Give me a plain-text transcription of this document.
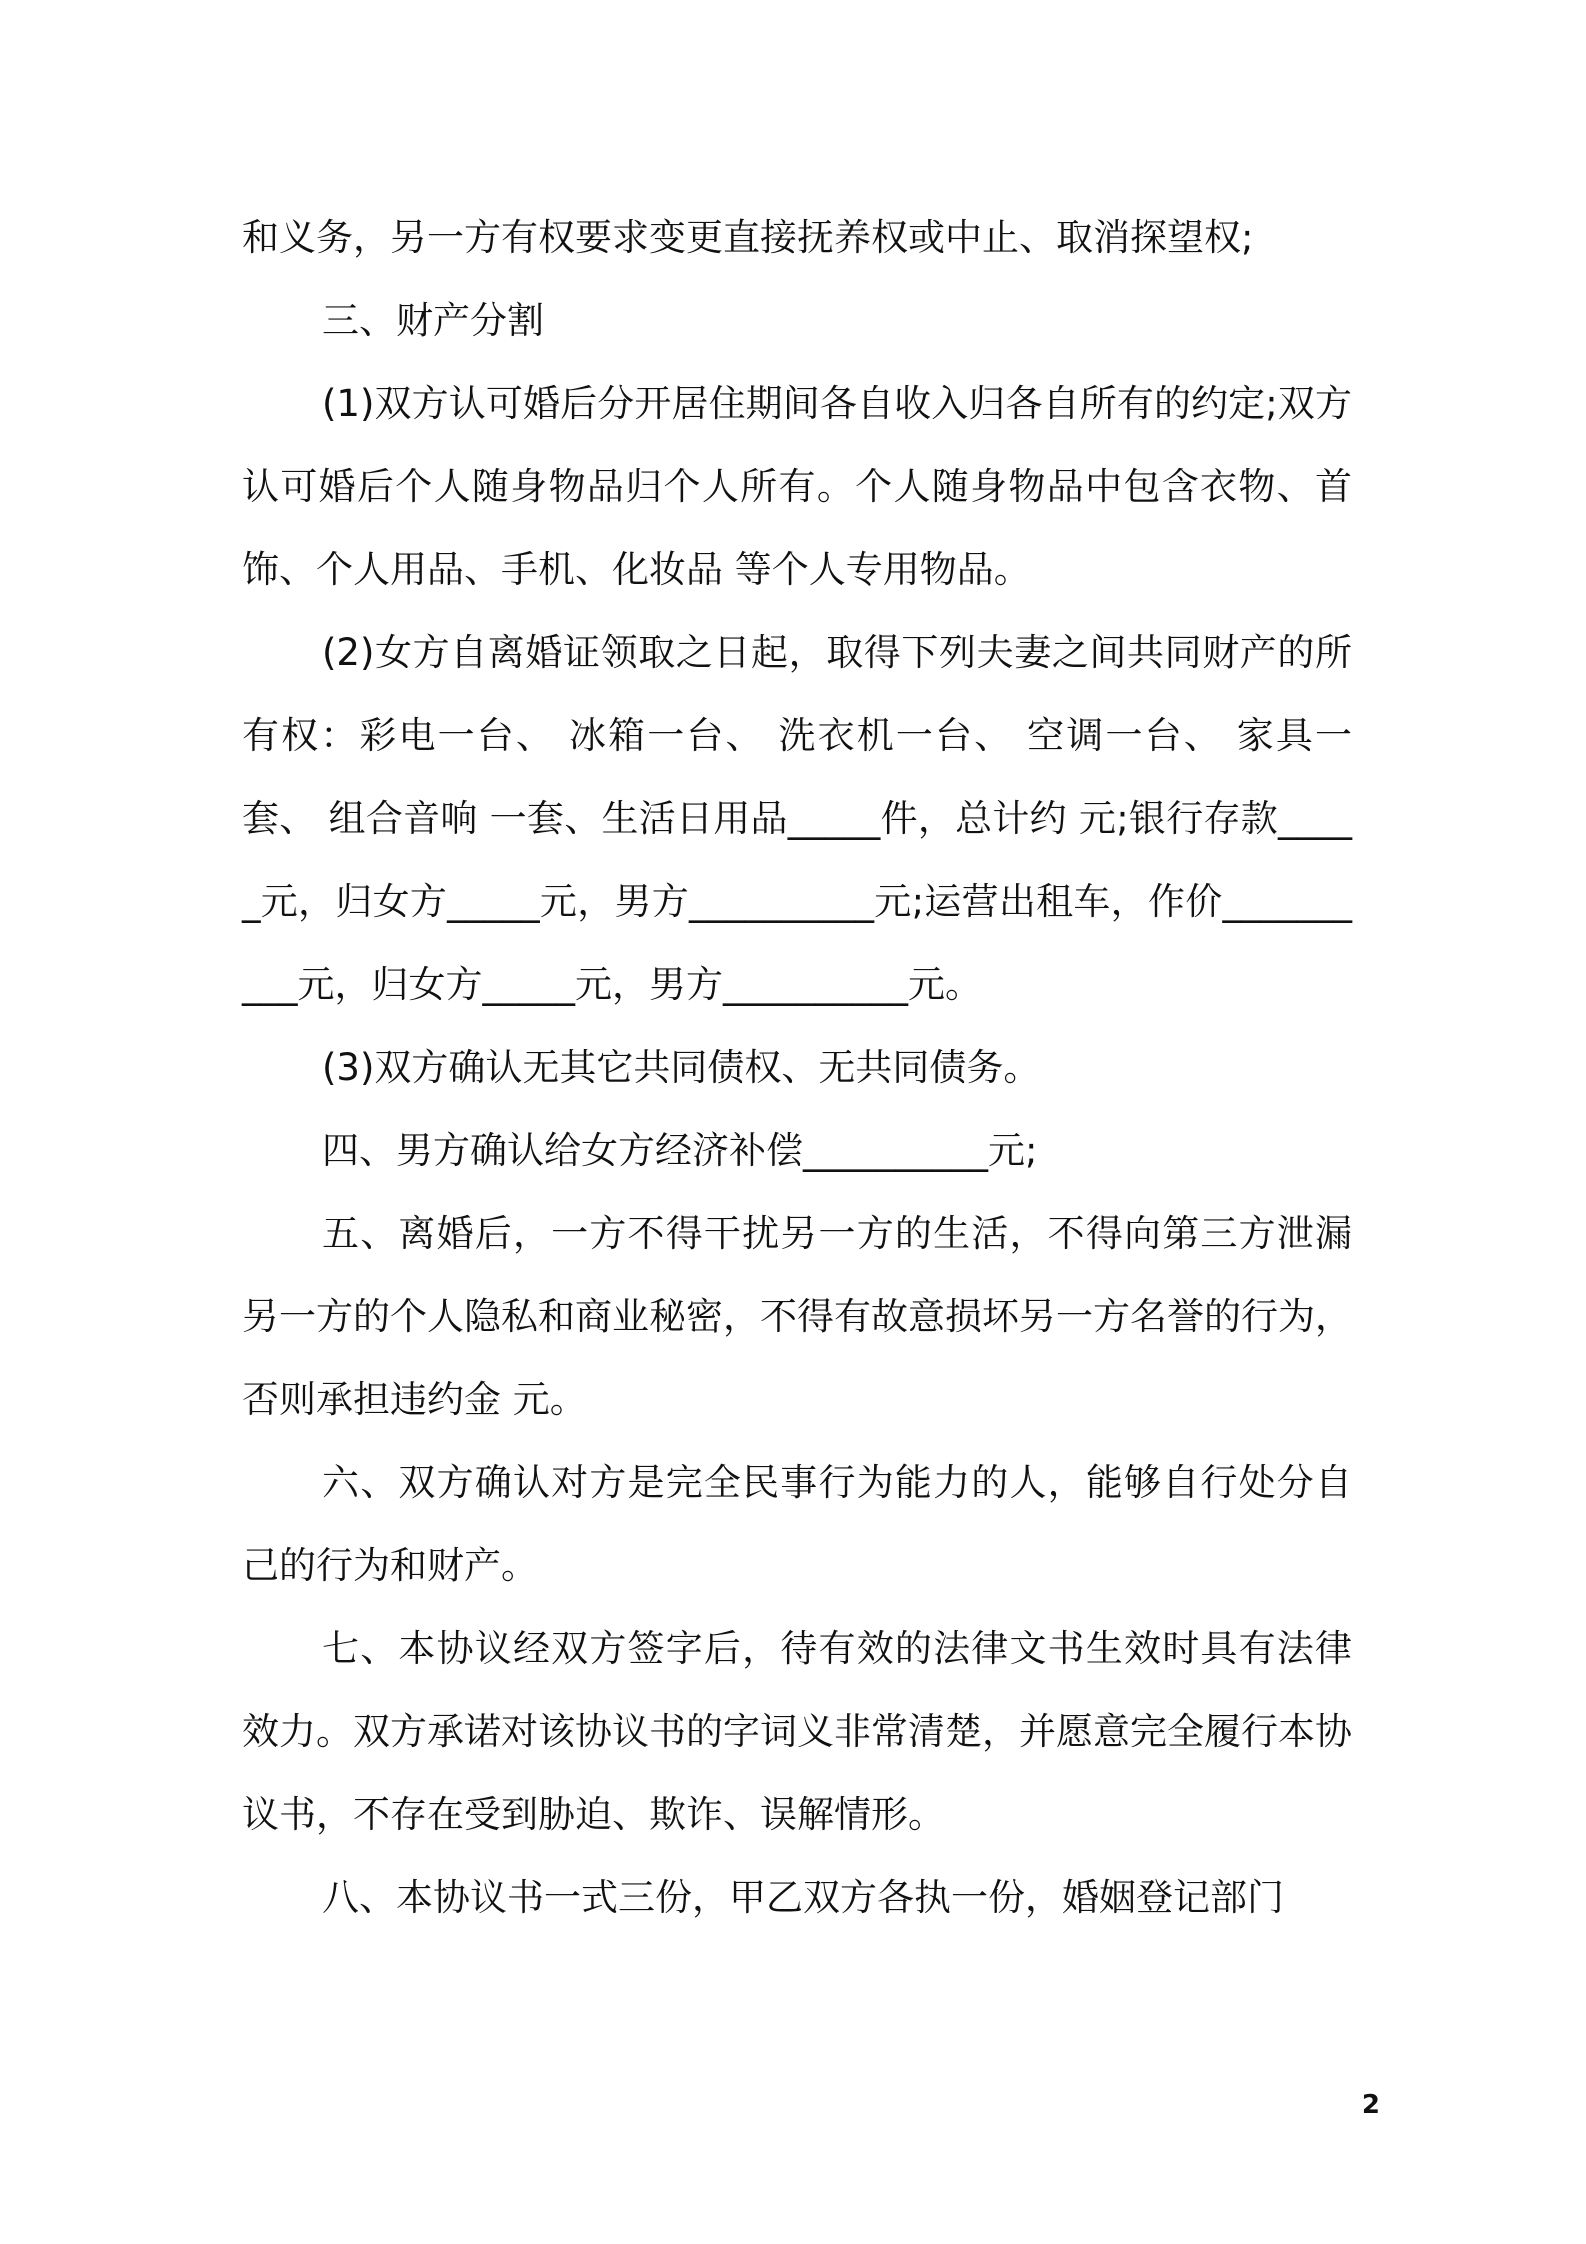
和义务，另一方有权要求变更直接抚养权或中止、取消探望权;

三、财产分割

(1)双方认可婚后分开居住期间各自收入归各自所有的约定;双方认可婚后个人随身物品归个人所有。个人随身物品中包含衣物、首饰、个人用品、手机、化妆品 等个人专用物品。

(2)女方自离婚证领取之日起，取得下列夫妻之间共同财产的所有权：彩电一台、 冰箱一台、 洗衣机一台、 空调一台、 家具一套、 组合音响 一套、生活日用品_____件，总计约 元;银行存款_____元，归女方_____元，男方__________元;运营出租车，作价__________元，归女方_____元，男方__________元。

(3)双方确认无其它共同债权、无共同债务。

四、男方确认给女方经济补偿__________元;

五、离婚后，一方不得干扰另一方的生活，不得向第三方泄漏另一方的个人隐私和商业秘密，不得有故意损坏另一方名誉的行为，否则承担违约金 元。

六、双方确认对方是完全民事行为能力的人，能够自行处分自己的行为和财产。

七、本协议经双方签字后，待有效的法律文书生效时具有法律效力。双方承诺对该协议书的字词义非常清楚，并愿意完全履行本协议书，不存在受到胁迫、欺诈、误解情形。

八、本协议书一式三份，甲乙双方各执一份，婚姻登记部门

2
